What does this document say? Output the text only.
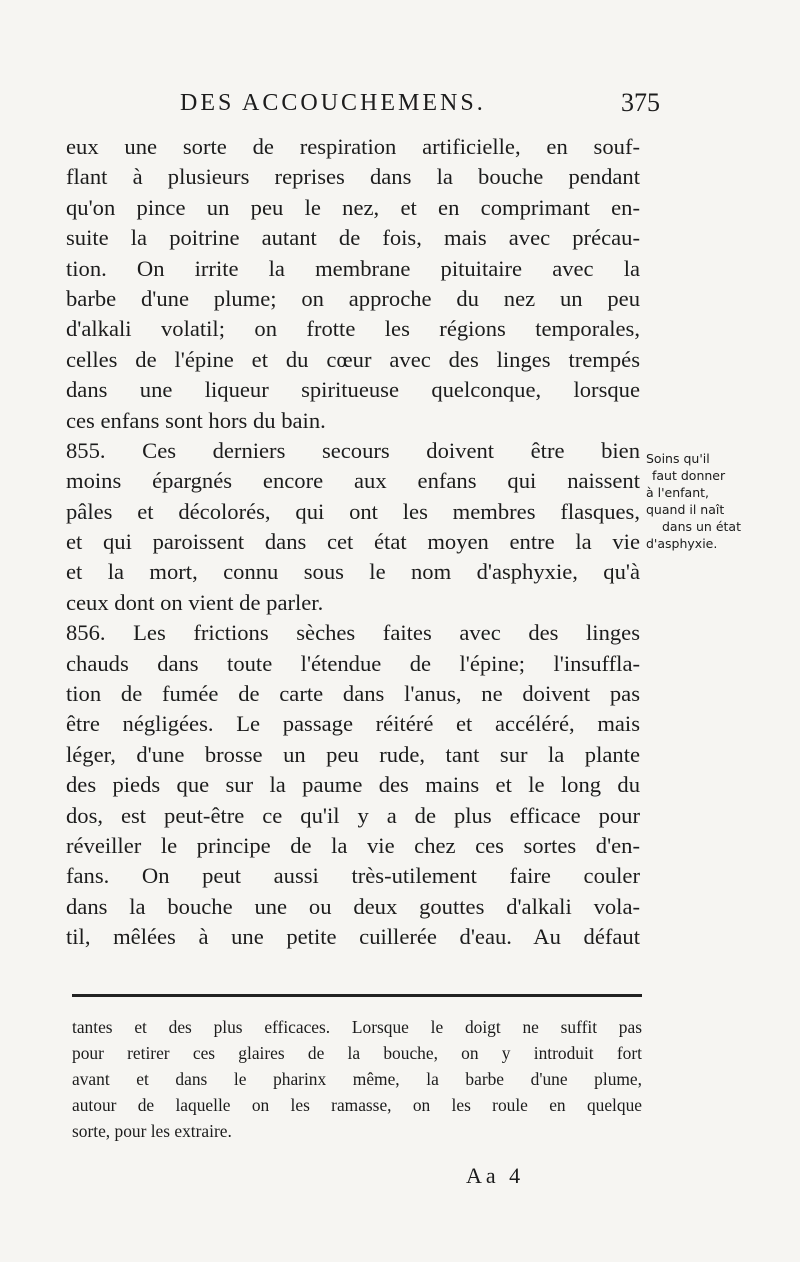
DES ACCOUCHEMENS.	375
eux une sorte de respiration artificielle, en souf-
flant à plusieurs reprises dans la bouche pendant
qu'on pince un peu le nez, et en comprimant en-
suite la poitrine autant de fois, mais avec précau-
tion. On irrite la membrane pituitaire avec la
barbe d'une plume; on approche du nez un peu
d'alkali volatil; on frotte les régions temporales,
celles de l'épine et du cœur avec des linges trempés
dans une liqueur spiritueuse quelconque, lorsque
ces enfans sont hors du bain.
855. Ces derniers secours doivent être bien
moins épargnés encore aux enfans qui naissent
pâles et décolorés, qui ont les membres flasques,
et qui paroissent dans cet état moyen entre la vie
et la mort, connu sous le nom d'asphyxie, qu'à
ceux dont on vient de parler.
856. Les frictions sèches faites avec des linges
chauds dans toute l'étendue de l'épine; l'insuffla-
tion de fumée de carte dans l'anus, ne doivent pas
être négligées. Le passage réitéré et accéléré, mais
léger, d'une brosse un peu rude, tant sur la plante
des pieds que sur la paume des mains et le long du
dos, est peut-être ce qu'il y a de plus efficace pour
réveiller le principe de la vie chez ces sortes d'en-
fans. On peut aussi très-utilement faire couler
dans la bouche une ou deux gouttes d'alkali vola-
til, mêlées à une petite cuillerée d'eau. Au défaut
Soins qu'il
faut donner
à l'enfant,
quand il naît
dans un état
d'asphyxie.
tantes et des plus efficaces. Lorsque le doigt ne suffit pas
pour retirer ces glaires de la bouche, on y introduit fort
avant et dans le pharinx même, la barbe d'une plume,
autour de laquelle on les ramasse, on les roule en quelque
sorte, pour les extraire.
Aa 4
